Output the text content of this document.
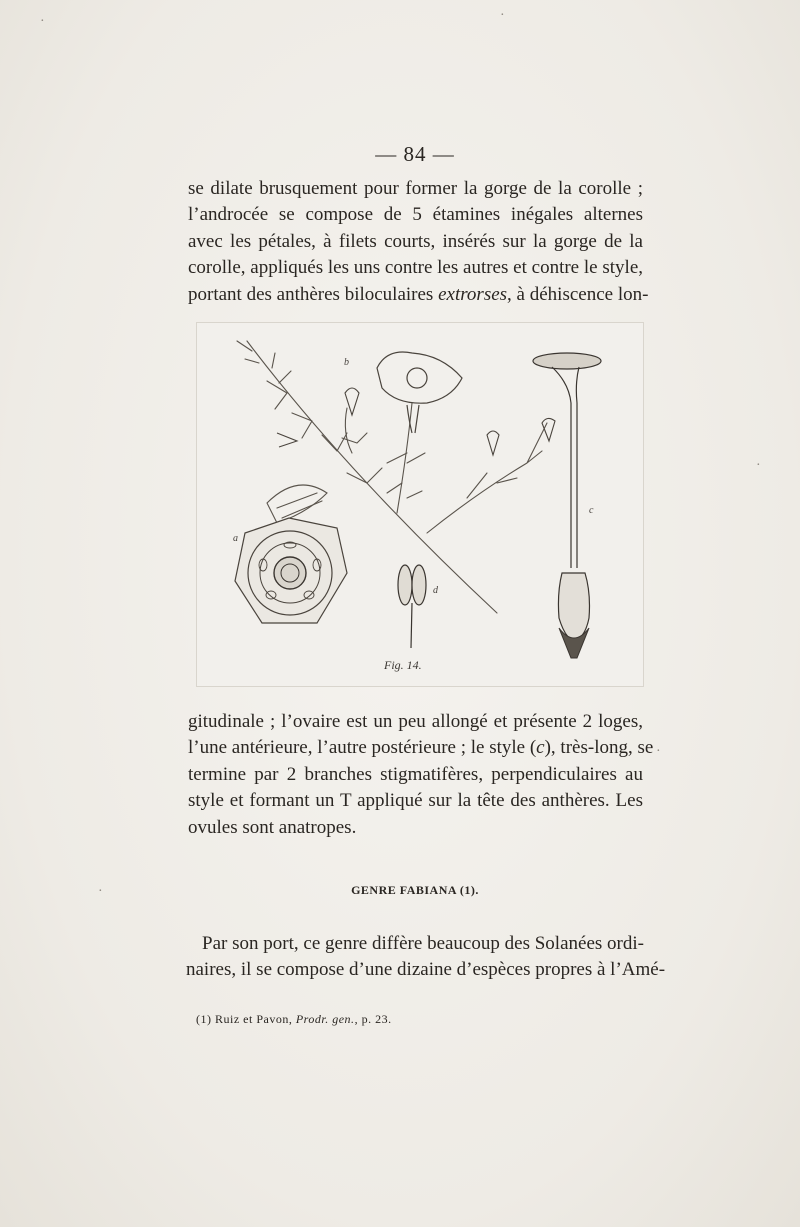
— 84 —
se dilate brusquement pour former la gorge de la corolle ;
l’androcée se compose de 5 étamines inégales alternes
avec les pétales, à filets courts, insérés sur la gorge de la
corolle, appliqués les uns contre les autres et contre le style,
portant des anthères biloculaires extrorses, à déhiscence lon-
b
c
a
d
Fig. 14.
gitudinale ; l’ovaire est un peu allongé et présente 2 loges,
l’une antérieure, l’autre postérieure ; le style (c), très-long, se
termine par 2 branches stigmatifères, perpendiculaires au
style et formant un T appliqué sur la tête des anthères. Les
ovules sont anatropes.
GENRE FABIANA (1).
Par son port, ce genre diffère beaucoup des Solanées ordi-
naires, il se compose d’une dizaine d’espèces propres à l’Amé-
(1) Ruiz et Pavon, Prodr. gen., p. 23.
·	·
·
·
·
